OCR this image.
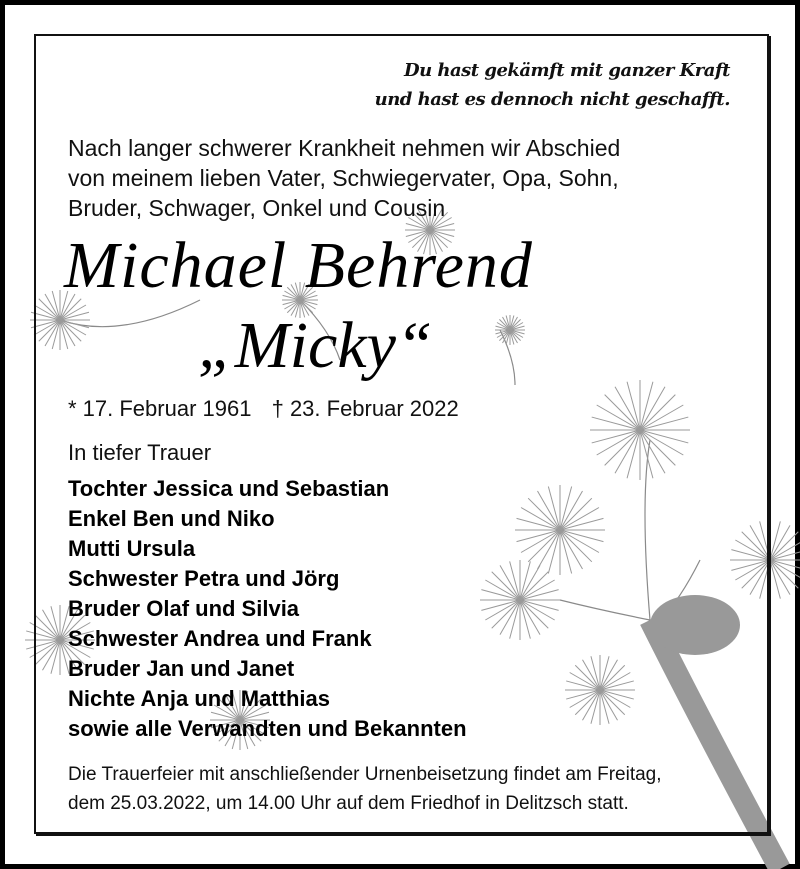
Du hast gekämft mit ganzer Kraft
und hast es dennoch nicht geschafft.
Nach langer schwerer Krankheit nehmen wir Abschied
von meinem lieben Vater, Schwiegervater, Opa, Sohn,
Bruder, Schwager, Onkel und Cousin
Michael Behrend
„Micky“
* 17. Februar 1961 † 23. Februar 2022
In tiefer Trauer
Tochter Jessica und Sebastian
Enkel Ben und Niko
Mutti Ursula
Schwester Petra und Jörg
Bruder Olaf und Silvia
Schwester Andrea und Frank
Bruder Jan und Janet
Nichte Anja und Matthias
sowie alle Verwandten und Bekannten
Die Trauerfeier mit anschließender Urnenbeisetzung findet am Freitag,
dem 25.03.2022, um 14.00 Uhr auf dem Friedhof in Delitzsch statt.
